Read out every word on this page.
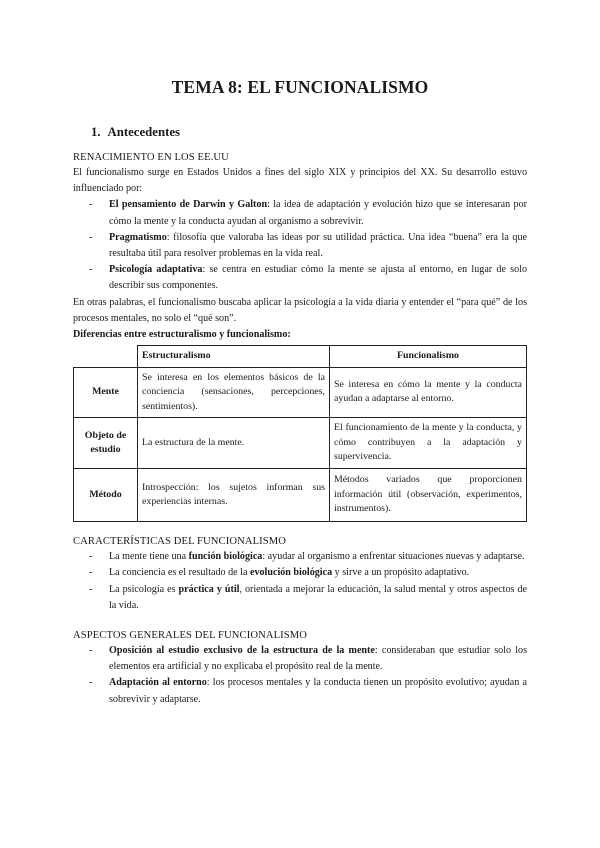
TEMA 8: EL FUNCIONALISMO
1. Antecedentes
RENACIMIENTO EN LOS EE.UU

El funcionalismo surge en Estados Unidos a fines del siglo XIX y principios del XX. Su desarrollo estuvo influenciado por:

- El pensamiento de Darwin y Galton: la idea de adaptación y evolución hizo que se interesaran por cómo la mente y la conducta ayudan al organismo a sobrevivir.
- Pragmatismo: filosofía que valoraba las ideas por su utilidad práctica. Una idea “buena” era la que resultaba útil para resolver problemas en la vida real.
- Psicología adaptativa: se centra en estudiar cómo la mente se ajusta al entorno, en lugar de solo describir sus componentes.

En otras palabras, el funcionalismo buscaba aplicar la psicología a la vida diaria y entender el “para qué” de los procesos mentales, no solo el “qué son”.

Diferencias entre estructuralismo y funcionalismo:
	Estructuralismo	Funcionalismo
Mente	Se interesa en los elementos básicos de la conciencia (sensaciones, percepciones, sentimientos).	Se interesa en cómo la mente y la conducta ayudan a adaptarse al entorno.
Objeto de estudio	La estructura de la mente.	El funcionamiento de la mente y la conducta, y cómo contribuyen a la adaptación y supervivencia.
Método	Introspección: los sujetos informan sus experiencias internas.	Métodos variados que proporcionen información útil (observación, experimentos, instrumentos).
CARACTERÍSTICAS DEL FUNCIONALISMO
- La mente tiene una función biológica: ayudar al organismo a enfrentar situaciones nuevas y adaptarse.
- La conciencia es el resultado de la evolución biológica y sirve a un propósito adaptativo.
- La psicología es práctica y útil, orientada a mejorar la educación, la salud mental y otros aspectos de la vida.
ASPECTOS GENERALES DEL FUNCIONALISMO
- Oposición al estudio exclusivo de la estructura de la mente: consideraban que estudiar solo los elementos era artificial y no explicaba el propósito real de la mente.
- Adaptación al entorno: los procesos mentales y la conducta tienen un propósito evolutivo; ayudan a sobrevivir y adaptarse.
